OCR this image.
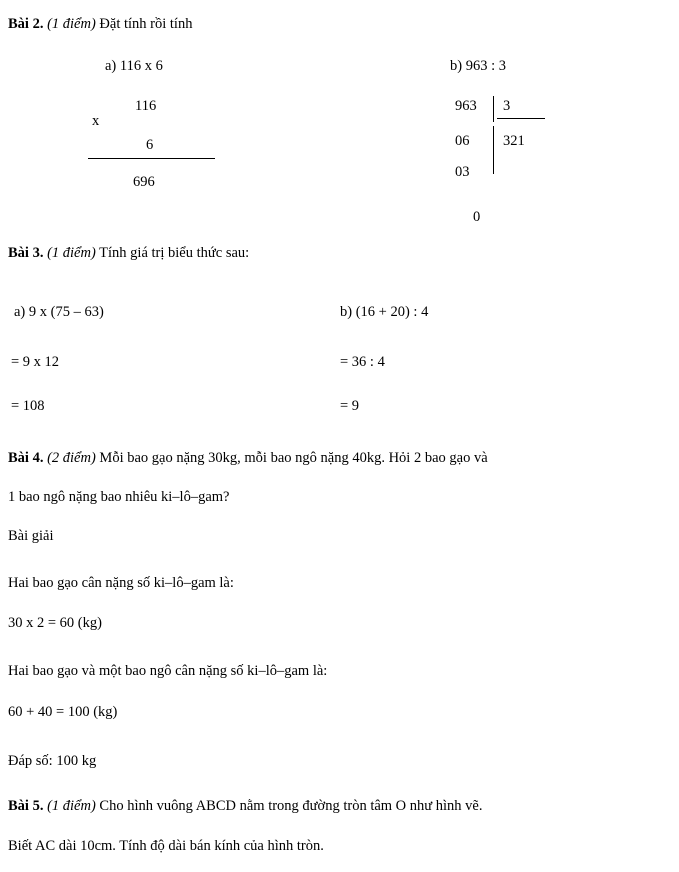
Bài 2. (1 điểm) Đặt tính rồi tính
a) 116 x 6
116
x
6
696
b) 963 : 3
963 3
06 321
03
0
Bài 3. (1 điểm) Tính giá trị biểu thức sau:
a) 9 x (75 – 63)
= 9 x 12
= 108
b) (16 + 20) : 4
= 36 : 4
= 9
Bài 4. (2 điểm) Mỗi bao gạo nặng 30kg, mỗi bao ngô nặng 40kg. Hỏi 2 bao gạo và
1 bao ngô nặng bao nhiêu ki–lô–gam?
Bài giải
Hai bao gạo cân nặng số ki–lô–gam là:
30 x 2 = 60 (kg)
Hai bao gạo và một bao ngô cân nặng số ki–lô–gam là:
60 + 40 = 100 (kg)
Đáp số: 100 kg
Bài 5. (1 điểm) Cho hình vuông ABCD nằm trong đường tròn tâm O như hình vẽ.
Biết AC dài 10cm. Tính độ dài bán kính của hình tròn.
